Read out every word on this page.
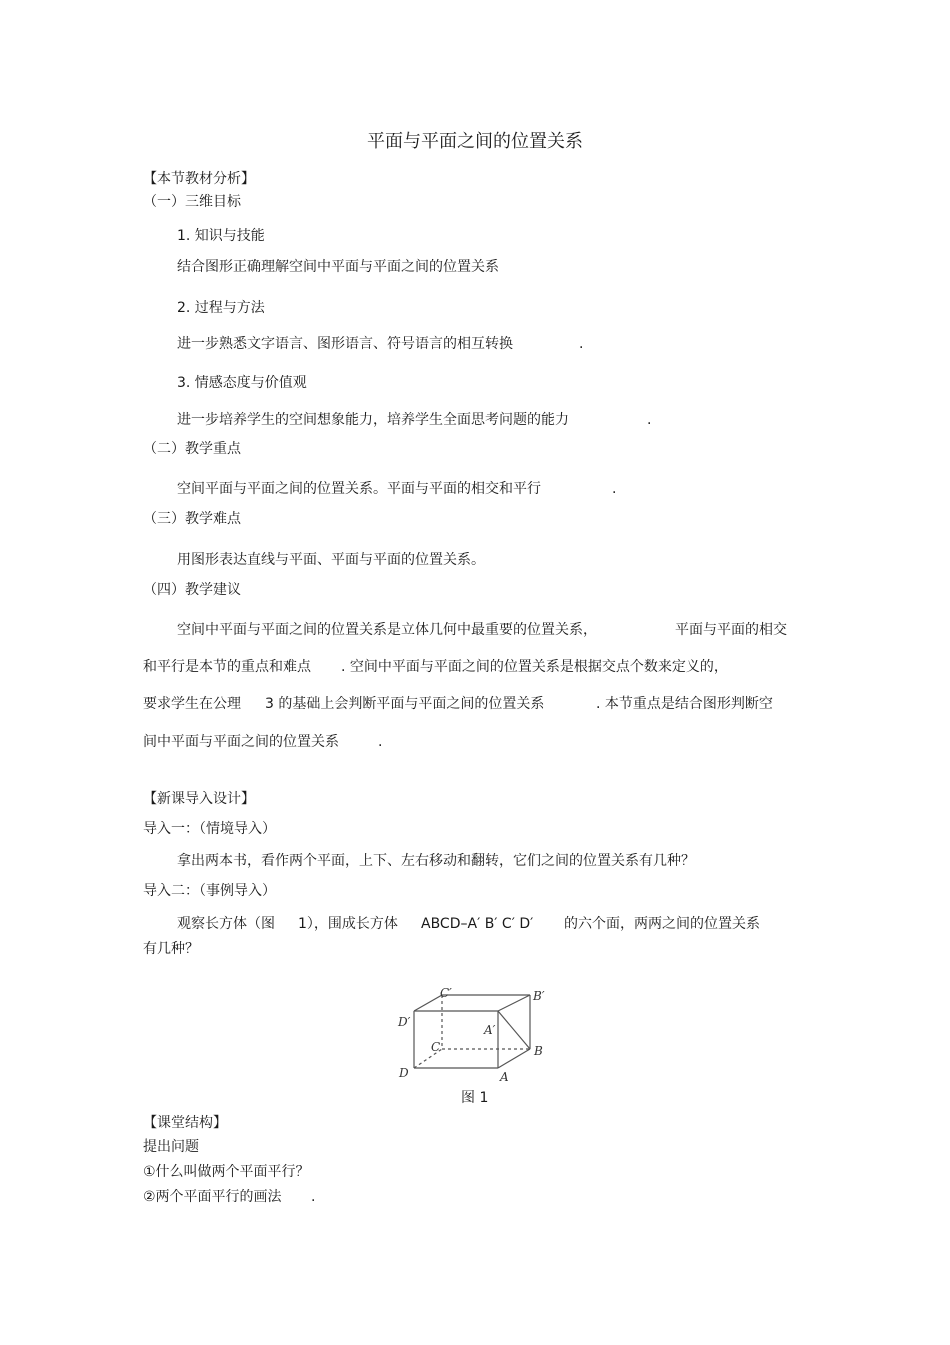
平面与平面之间的位置关系
【本节教材分析】
（一）三维目标
1. 知识与技能
结合图形正确理解空间中平面与平面之间的位置关系
2. 过程与方法
进一步熟悉文字语言、图形语言、符号语言的相互转换	.
3. 情感态度与价值观
进一步培养学生的空间想象能力，培养学生全面思考问题的能力	.
（二）教学重点
空间平面与平面之间的位置关系。平面与平面的相交和平行	.
（三）教学难点
用图形表达直线与平面、平面与平面的位置关系。
（四）教学建议
空间中平面与平面之间的位置关系是立体几何中最重要的位置关系，	平面与平面的相交
和平行是本节的重点和难点 . 空间中平面与平面之间的位置关系是根据交点个数来定义的，
要求学生在公理 3 的基础上会判断平面与平面之间的位置关系	. 本节重点是结合图形判断空
间中平面与平面之间的位置关系	.
【新课导入设计】
导入一：（情境导入）
拿出两本书，看作两个平面，上下、左右移动和翻转，它们之间的位置关系有几种？
导入二：（事例导入）
观察长方体（图 1），围成长方体 ABCD–A′ B′ C′ D′ 的六个面，两两之间的位置关系
有几种？
C′	B′
D′
A′
C	B
D	A
图 1
【课堂结构】
提出问题
①什么叫做两个平面平行？
②两个平面平行的画法 .
